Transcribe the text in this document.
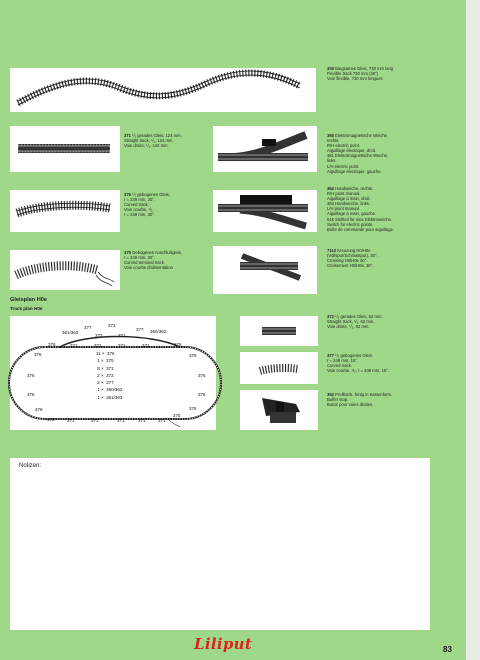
330 Biegsames Gleis, 730 mm lang
Flexible track 730 mm (30")
Voie flexible, 730 mm longues
371 ¹/₁ gerades Gleis, 124 mm.
Straight track, ¹/₁, 124 mm.
Voie droite, ¹/₁, 124 mm.
360 Elektromagnetische Weiche,
rechts.
R/H electric point.
Aiguillage électrique, droit.
361 Elektromagnetische Weiche,
links.
L/H electric point.
Aiguillage électrique, gauche.
376 ¹/₁ gebogenes Gleis,
r = 249 mm, 30°.
Curved track.
Voie courbe, ¹/₁,
r = 249 mm, 30°.
362 Handweiche, rechts.
R/H point manual.
Aiguillage à main, droit.
363 Handweiche, links.
L/H point manual.
Aiguillage à main, gauche.
516 Stellteil für eine Elektroweiche.
Switch for electric points.
Boîte de commande pour aiguillage.
375 Gebogenes Anschlußgleis,
r = 249 mm, 30°.
Curved terminal track.
Voie courbe d'alimentation
7112 Kreuzung H0/H0e
(Vollspur/Schmalspur), 30°.
Crossing H0/H0e 30°.
Croisement H0/H0e, 30°.
Gleisplan H0e
Track plan H0e
361/363
377
377
372
371
377 360/362
376
376
376
376
376
376
376
376
376
376
376
371	371	371	371
371	371	371	371	371
375
11 ×  376
1 ×  375
8 ×  371
2 ×  372
2 ×  377
1 ×  360/362
1 ×  361/363
372 ¹/₂ gerades Gleis, 62 mm.
Straight track, ¹/₂, 62 mm.
Voie droite, ¹/₂, 62 mm.
377 ¹/₂ gebogenes Gleis.
r = 249 mm, 15°.
Curved track.
Voie courbe, ¹/₂, r = 249 mm, 15°.
352 Prellbock, fertig in Kastenform.
Buffer stop.
Butoir pour voies droites.
Notizen:
Liliput	83
